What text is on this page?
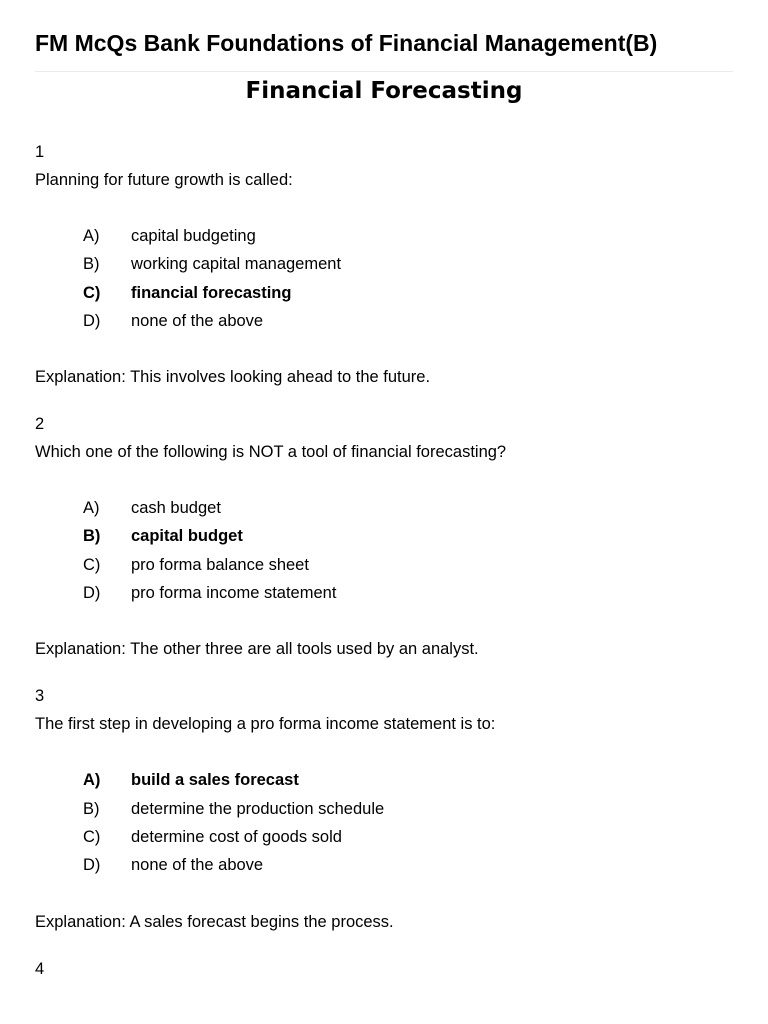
FM McQs Bank Foundations of Financial Management(B)
Financial Forecasting

1

Planning for future growth is called:

A)	capital budgeting
B)	working capital management
C)	financial forecasting
D)	none of the above

Explanation: This involves looking ahead to the future.

2

Which one of the following is NOT a tool of financial forecasting?

A)	cash budget
B)	capital budget
C)	pro forma balance sheet
D)	pro forma income statement

Explanation: The other three are all tools used by an analyst.

3

The first step in developing a pro forma income statement is to:

A)	build a sales forecast
B)	determine the production schedule
C)	determine cost of goods sold
D)	none of the above

Explanation: A sales forecast begins the process.

4
